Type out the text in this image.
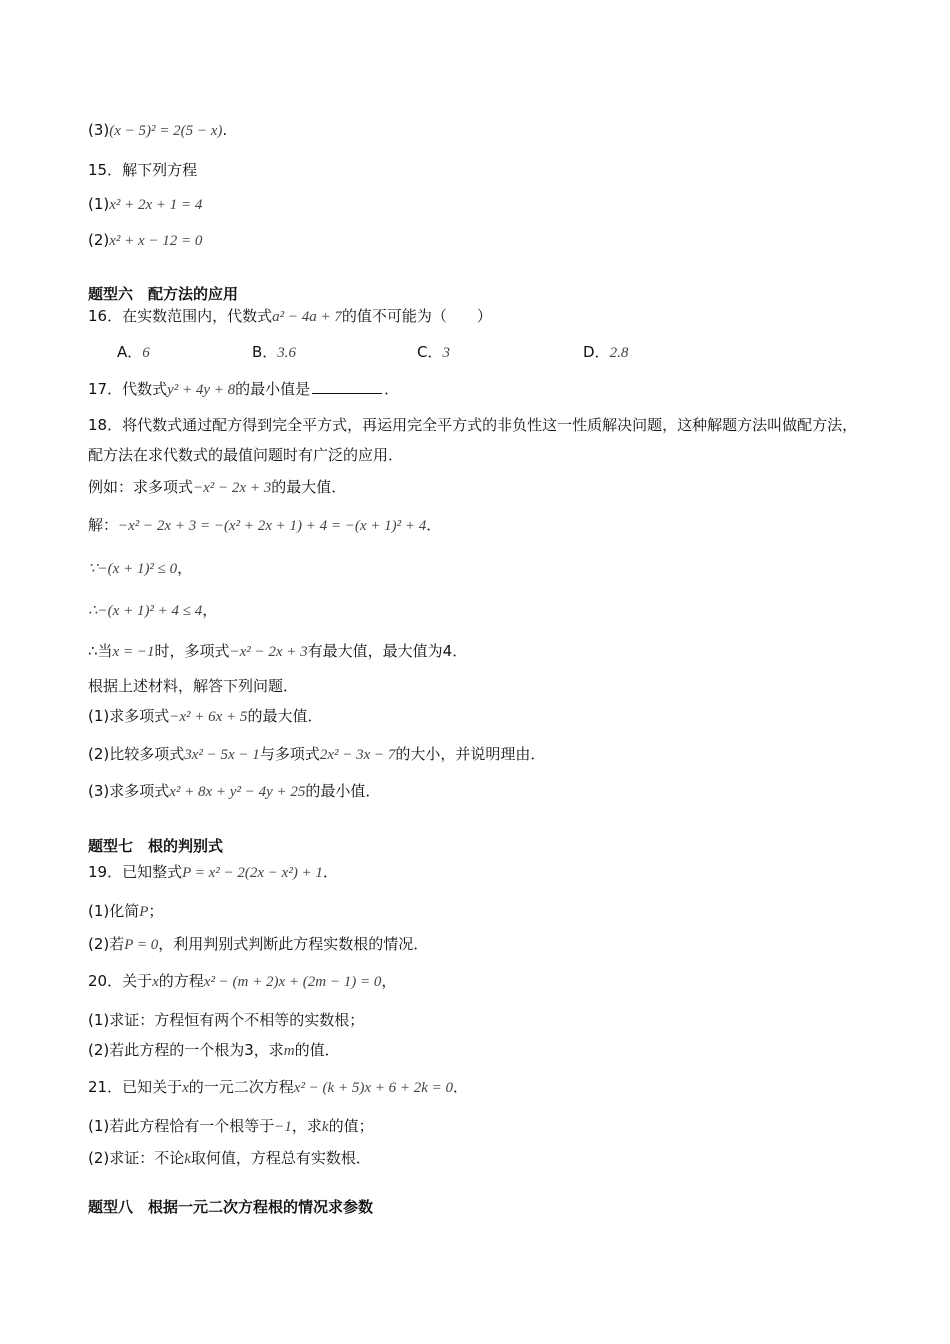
(3)(x − 5)² = 2(5 − x).
15．解下列方程
(1)x² + 2x + 1 = 4
(2)x² + x − 12 = 0
题型六　配方法的应用
16．在实数范围内，代数式a² − 4a + 7的值不可能为（　　）
A．6	B．3.6	C．3	D．2.8
17．代数式y² + 4y + 8的最小值是	．
18．将代数式通过配方得到完全平方式，再运用完全平方式的非负性这一性质解决问题，这种解题方法叫做配方法，配方法在求代数式的最值问题时有广泛的应用．
例如：求多项式−x² − 2x + 3的最大值．
解：−x² − 2x + 3 = −(x² + 2x + 1) + 4 = −(x + 1)² + 4．
∵−(x + 1)² ≤ 0，
∴−(x + 1)² + 4 ≤ 4，
∴当x = −1时，多项式−x² − 2x + 3有最大值，最大值为4．
根据上述材料，解答下列问题．
(1)求多项式−x² + 6x + 5的最大值．
(2)比较多项式3x² − 5x − 1与多项式2x² − 3x − 7的大小，并说明理由．
(3)求多项式x² + 8x + y² − 4y + 25的最小值．
题型七　根的判别式
19．已知整式P = x² − 2(2x − x²) + 1．
(1)化简P；
(2)若P = 0，利用判别式判断此方程实数根的情况．
20．关于x的方程x² − (m + 2)x + (2m − 1) = 0，
(1)求证：方程恒有两个不相等的实数根；
(2)若此方程的一个根为3，求m的值．
21．已知关于x的一元二次方程x² − (k + 5)x + 6 + 2k = 0．
(1)若此方程恰有一个根等于−1，求k的值；
(2)求证：不论k取何值，方程总有实数根．
题型八　根据一元二次方程根的情况求参数
